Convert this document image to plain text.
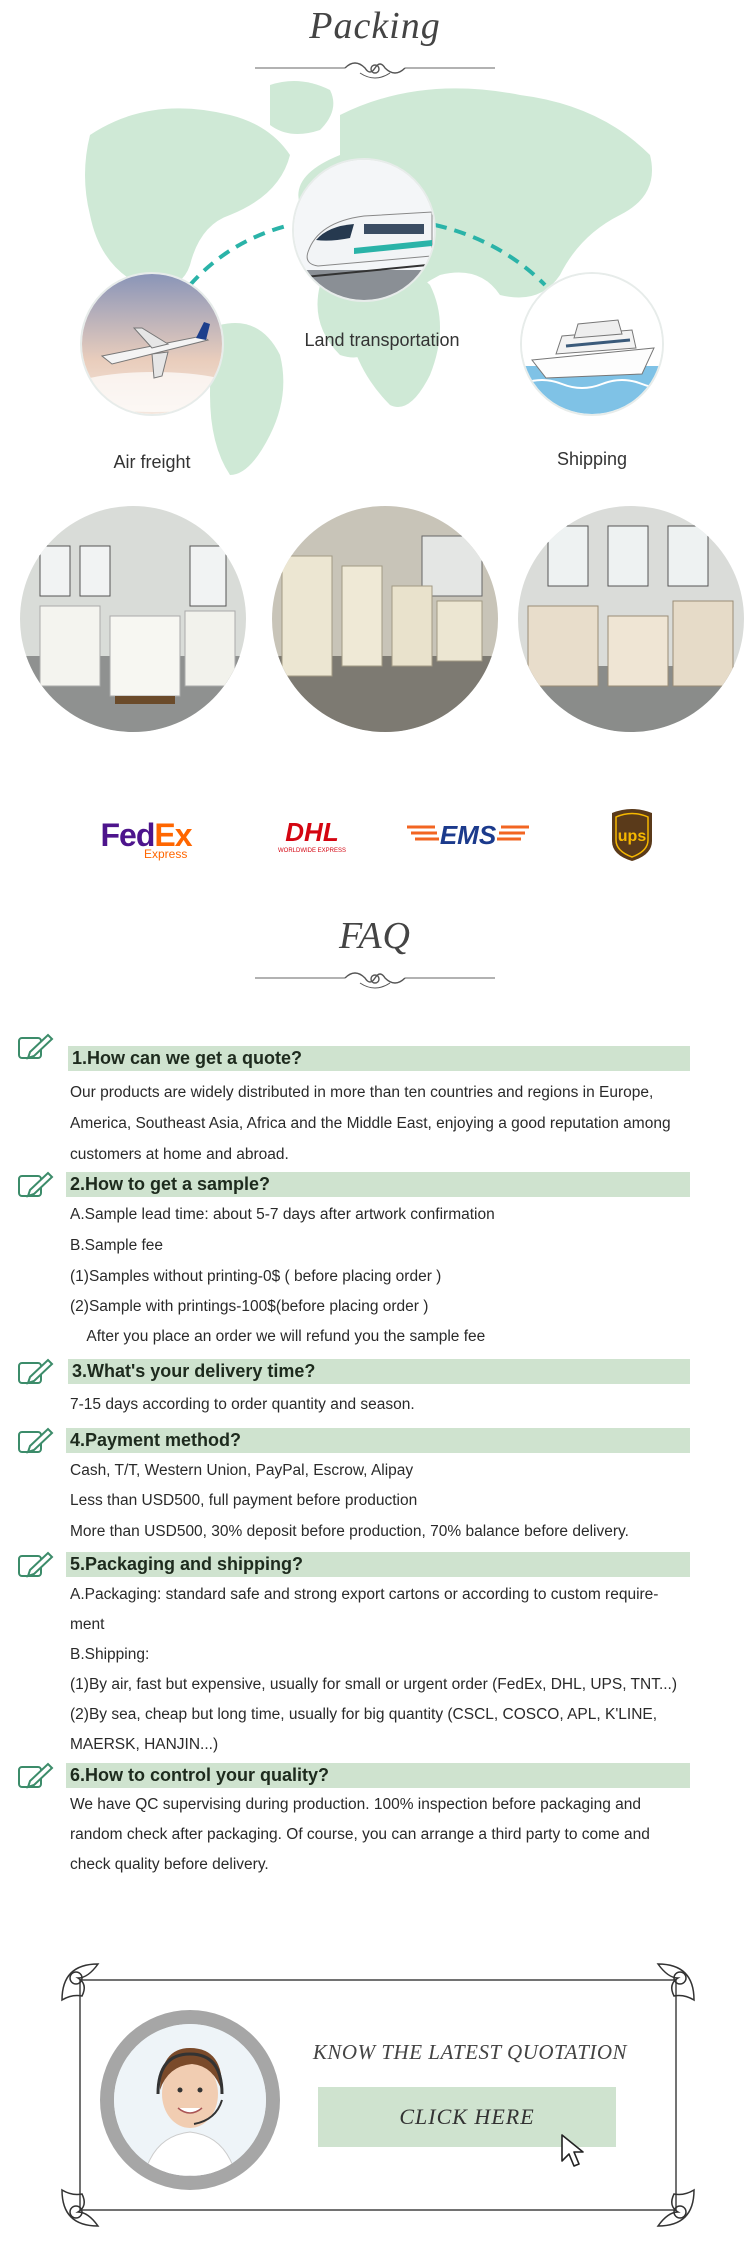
Packing
Air freight
Land transportation
Shipping
Fed Ex
Express
DHL
WORLDWIDE EXPRESS
EMS	ups
FAQ
1.How can we get a quote?
Our products are widely distributed in more than ten countries and regions in Europe,
America, Southeast Asia, Africa and the Middle East, enjoying a good reputation among
customers at home and abroad.
2.How to get a sample?
A.Sample lead time: about 5-7 days after artwork confirmation
B.Sample fee
(1)Samples without printing-0$ ( before placing order )
(2)Sample with printings-100$(before placing order )
After you place an order we will refund you the sample fee
3.What's your delivery time?
7-15 days according to order quantity and season.
4.Payment method?
Cash, T/T, Western Union, PayPal, Escrow, Alipay
Less than USD500, full payment before production
More than USD500, 30% deposit before production, 70% balance before delivery.
5.Packaging and shipping?
A.Packaging: standard safe and strong export cartons or according to custom require-
ment
B.Shipping:
(1)By air, fast but expensive, usually for small or urgent order (FedEx, DHL, UPS, TNT...)
(2)By sea, cheap but long time, usually for big quantity (CSCL, COSCO, APL, K'LINE,
MAERSK, HANJIN...)
6.How to control your quality?
We have QC supervising during production. 100% inspection before packaging and
random check after packaging. Of course, you can arrange a third party to come and
check quality before delivery.
KNOW THE LATEST QUOTATION
CLICK HERE
